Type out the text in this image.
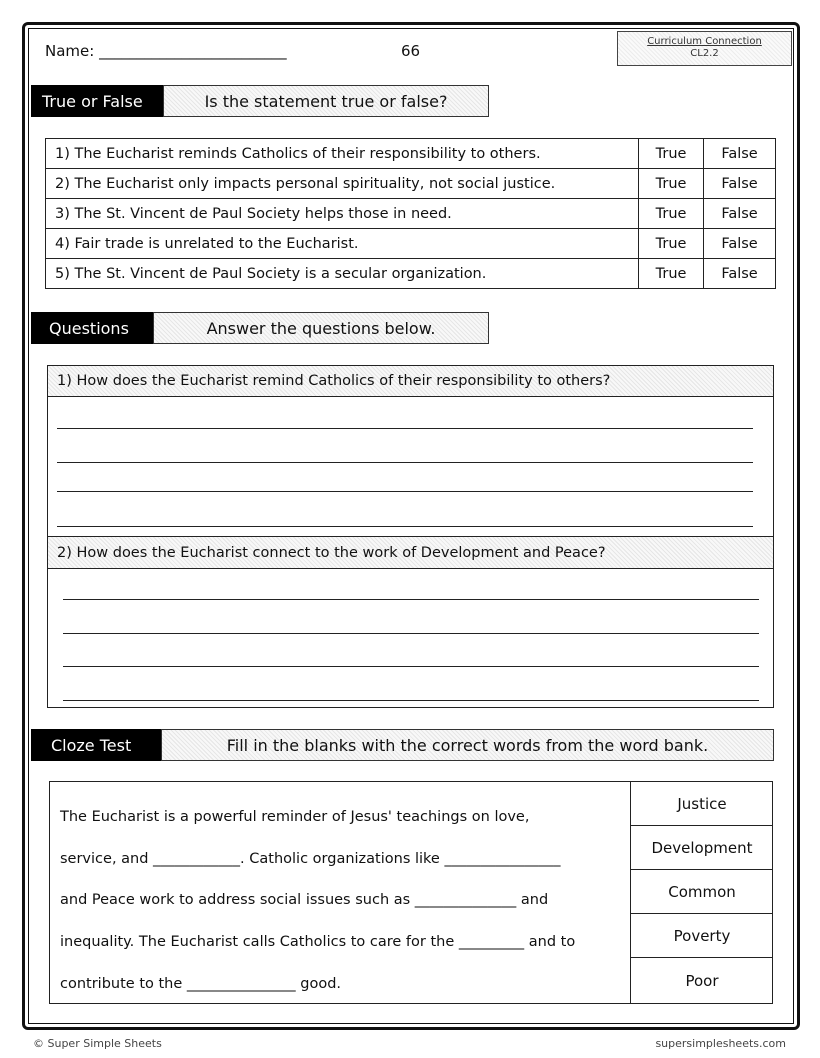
Name: _________________________	66
Curriculum Connection
CL2.2
True or False	Is the statement true or false?
1) The Eucharist reminds Catholics of their responsibility to others.	True	False
2) The Eucharist only impacts personal spirituality, not social justice.	True	False
3) The St. Vincent de Paul Society helps those in need.	True	False
4) Fair trade is unrelated to the Eucharist.	True	False
5) The St. Vincent de Paul Society is a secular organization.	True	False
Questions	Answer the questions below.
1) How does the Eucharist remind Catholics of their responsibility to others?
2) How does the Eucharist connect to the work of Development and Peace?
Cloze Test	Fill in the blanks with the correct words from the word bank.
The Eucharist is a powerful reminder of Jesus' teachings on love,
service, and ____________. Catholic organizations like ________________
and Peace work to address social issues such as ______________ and
inequality. The Eucharist calls Catholics to care for the _________ and to
contribute to the _______________ good.
Justice
Development
Common
Poverty
Poor
© Super Simple Sheets	supersimplesheets.com
